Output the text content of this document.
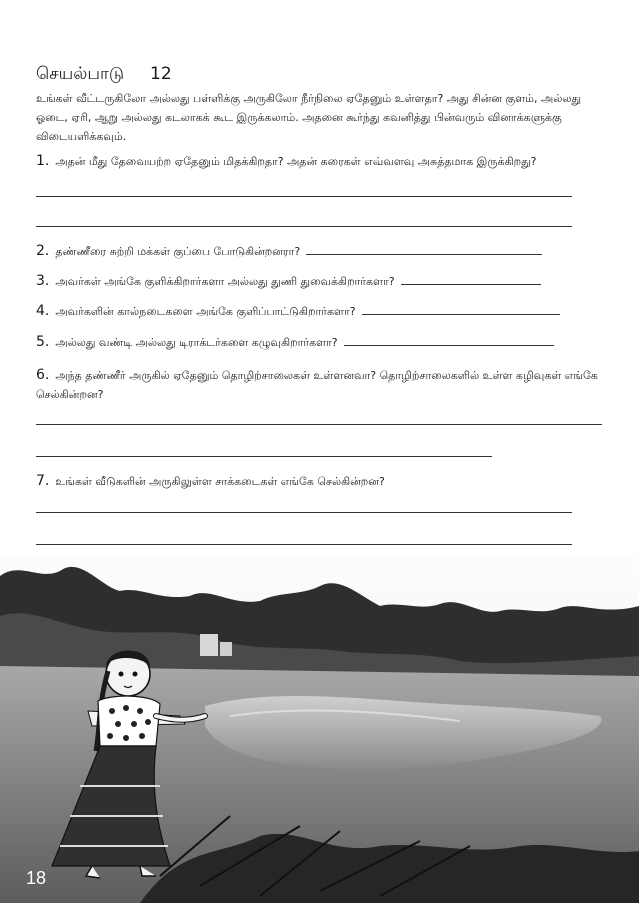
செயல்பாடு 12
உங்கள் வீட்டருகிலோ அல்லது பள்ளிக்கு அருகிலோ நீர்நிலை ஏதேனும் உள்ளதா? அது சின்ன குளம், அல்லது ஓடை, ஏரி, ஆறு அல்லது கடலாகக் கூட இருக்கலாம். அதனை கூர்ந்து கவனித்து பின்வரும் வினாக்களுக்கு விடையளிக்கவும்.
1. அதன் மீது தேவையற்ற ஏதேனும் மிதக்கிறதா? அதன் கரைகள் எவ்வளவு அசுத்தமாக இருக்கிறது?
2. தண்ணீரை சுற்றி மக்கள் குப்பை போடுகின்றனரா?
3. அவர்கள் அங்கே குளிக்கிறார்களா அல்லது துணி துவைக்கிறார்களா?
4. அவர்களின் கால்நடைகளை அங்கே குளிப்பாட்டுகிறார்களா?
5. அல்லது வண்டி அல்லது டிராக்டர்களை கழுவுகிறார்களா?
6. அந்த தண்ணீர் அருகில் ஏதேனும் தொழிற்சாலைகள் உள்ளனவா? தொழிற்சாலைகளில் உள்ள கழிவுகள் எங்கே செல்கின்றன?
7. உங்கள் வீடுகளின் அருகிலுள்ள சாக்கடைகள் எங்கே செல்கின்றன?
18
